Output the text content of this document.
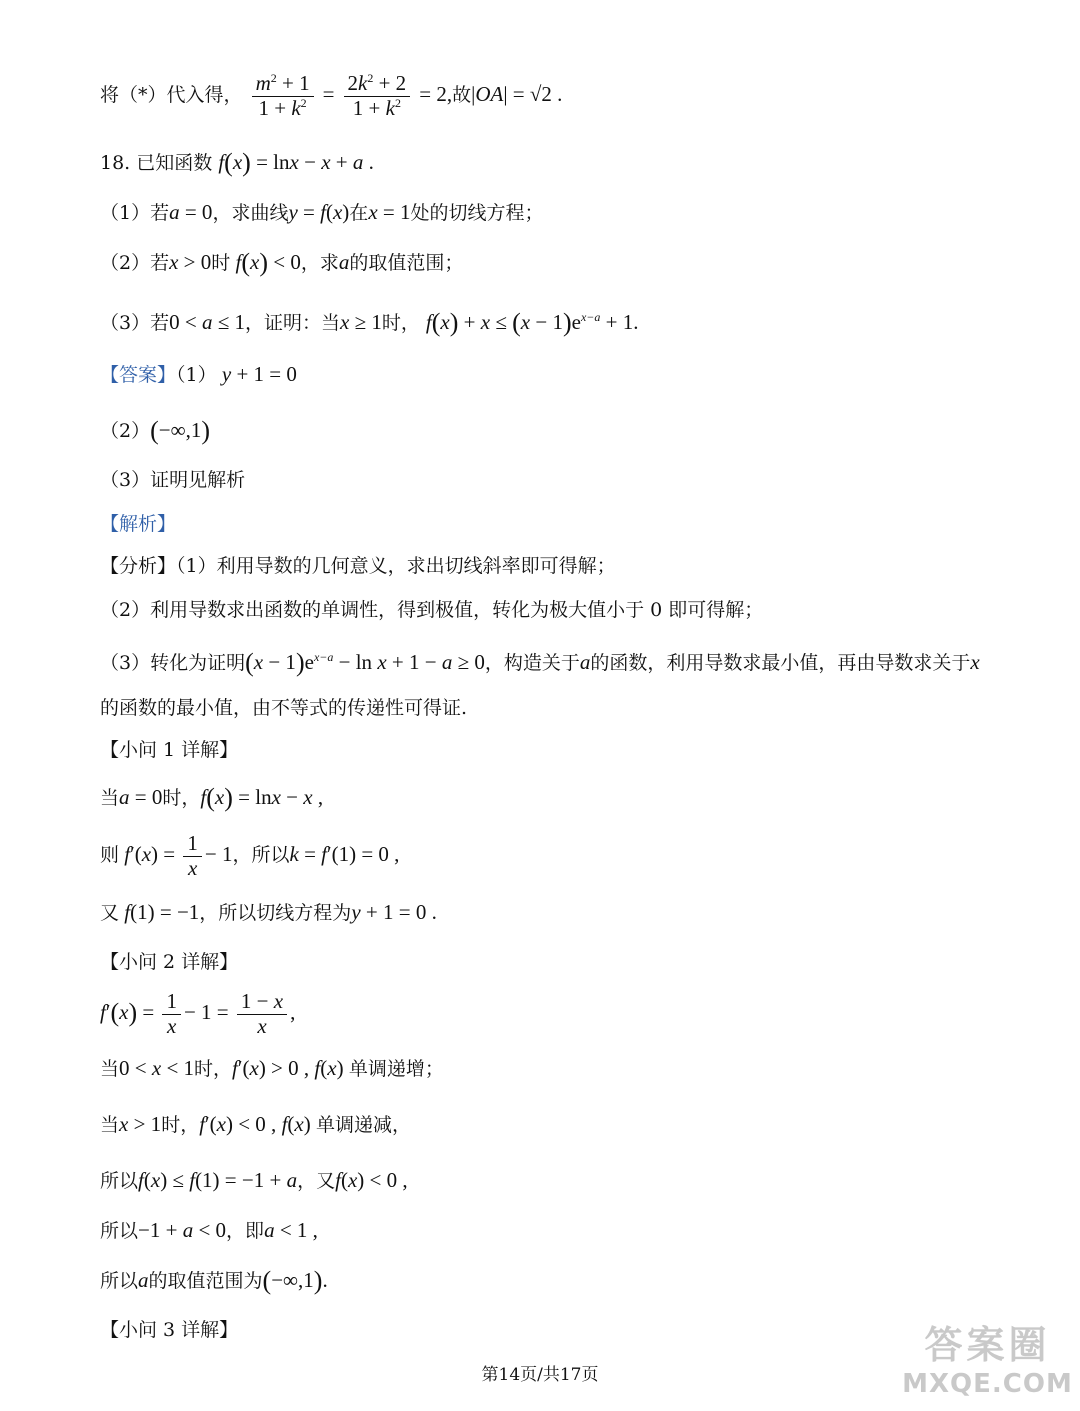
将（*）代入得， $\frac{m^2 + 1}{1 + k^2} = \frac{2k^2 + 2}{1 + k^2} = 2$,故|OA| = √2 .
18. 已知函数 f(x) = lnx − x + a .
（1）若a = 0，求曲线y = f(x)在x = 1处的切线方程；
（2）若x > 0时 f(x) < 0，求a的取值范围；
（3）若0 < a ≤ 1，证明：当x ≥ 1时， $f(x) + x \le (x - 1)e^{x-a} + 1$.
【答案】（1） y + 1 = 0
（2）(−∞,1)
（3）证明见解析
【解析】
【分析】（1）利用导数的几何意义，求出切线斜率即可得解；
（2）利用导数求出函数的单调性，得到极值，转化为极大值小于 0 即可得解；
（3）转化为证明$(x - 1)e^{x-a} - \ln x + 1 - a \ge 0$，构造关于a的函数，利用导数求最小值，再由导数求关于x
的函数的最小值，由不等式的传递性可得证.
【小问 1 详解】
当a = 0时，f(x) = lnx − x ,
则 $f'(x) = \frac{1}{x} - 1$，所以k = f′(1) = 0 ,
又 f(1) = −1，所以切线方程为y + 1 = 0 .
【小问 2 详解】
$f'(x) = \frac{1}{x} - 1 = \frac{1 - x}{x}$ ,
当0 < x < 1时，f′(x) > 0 , f(x) 单调递增；
当x > 1时，f′(x) < 0 , f(x) 单调递减，
所以f(x) ≤ f(1) = −1 + a，又f(x) < 0 ,
所以−1 + a < 0，即a < 1 ,
所以a的取值范围为(−∞,1).
【小问 3 详解】
第14页/共17页
答案圈
MXQE.COM
